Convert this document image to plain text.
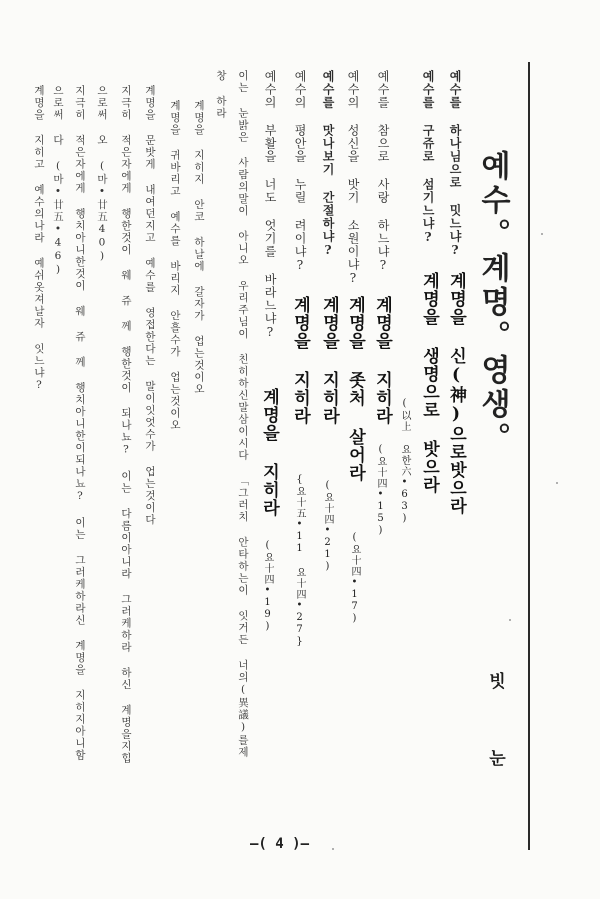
예수。계명。영생。
빗 눈
예수를 하나님으로 밋느냐?
계명을 신(神)으로밧으라
예수를 구쥬로 섬기느냐?
계명을 생명으로 밧으라
(以上 요한六•63)
예수를 참으로 사랑 하느냐?
계명을 지히라
(요十四•15)
예수의 성신을 밧기 소원이냐?
계명을 좃처 살어라
(요十四•17)
예수를 맛나보기 간절하냐?
계명을 지히라
(요十四•21)
예수의 평안을 누릴 려이냐?
계명을 지히라
{요十五•11 요十四•27}
예수의 부활을 너도 엇기를 바라느냐?
계명을 지히라
(요十四•19)
이는 눈밝은 사람의말이 아니오 우리주님이 친히하신말삼이시다 「그러치 안타하는이 잇거든 너의(異議)를제
창 하라
계명을 지히지 안코 하날에 갈자가 업는것이오
계명을 귀바리고 예수를 바리지 안흘수가 업는것이오
계명을 문밧게 내여던지고 예수를 영접한다는 말이잇엇수가 업는것이다
지극히 적은자에게 행한것이 웨 쥬 께 행한것이 되나뇨? 이는 다름이아니라 그러케하라 하신 계명을지힙
으로써 오 (마•廿五40)
지극히 적은자에게 행치아니한것이 웨 쥬 께 행치아니한이되나뇨? 이는 그러케하라신 계명을 지히지아니함
으로써 다 (마•廿五•46)
계명을 지히고 예수의나라 예쉬옷져날자 잇느냐?
—( 4 )—
